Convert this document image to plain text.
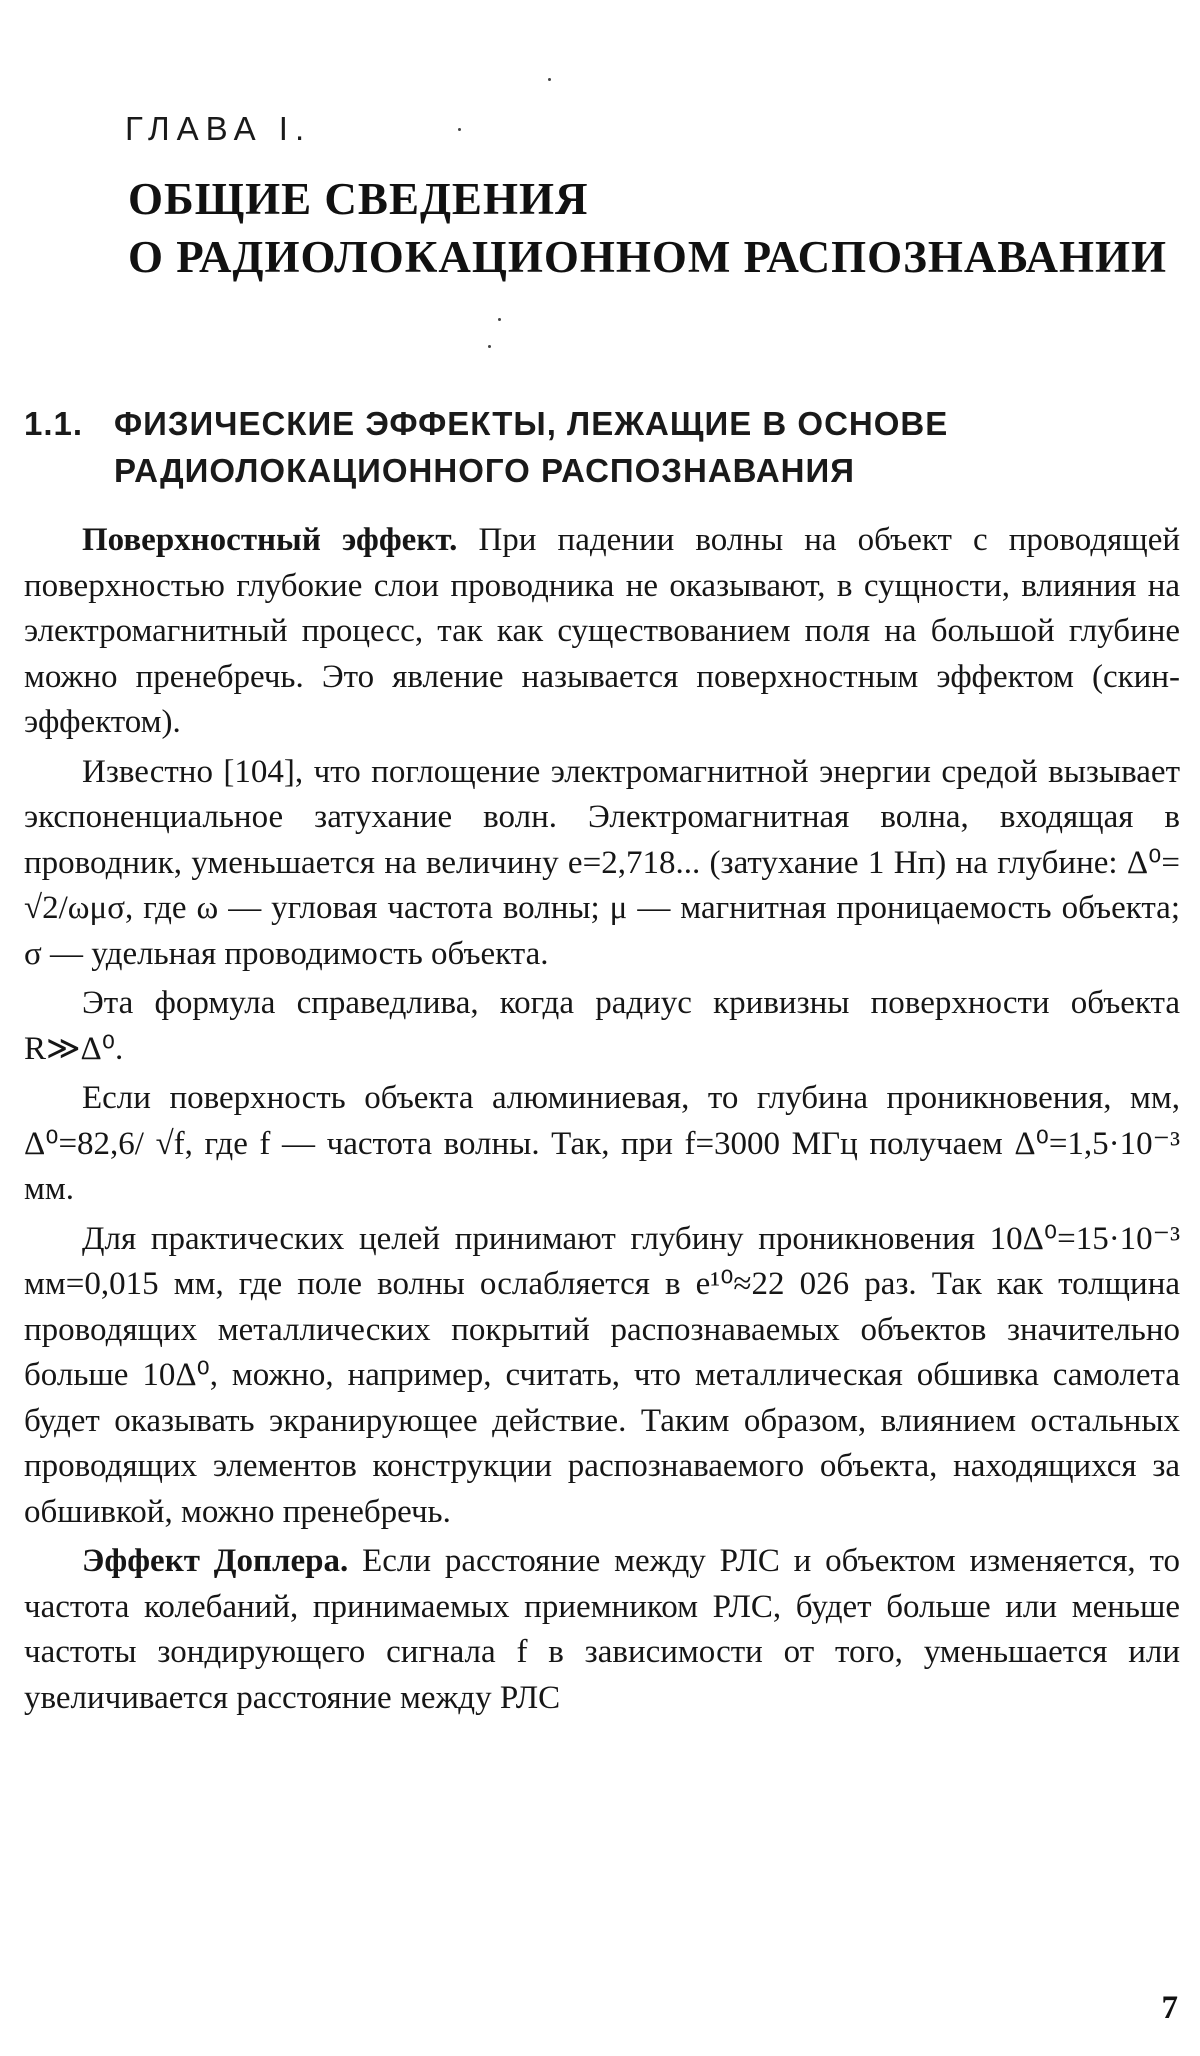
ГЛАВА I.
ОБЩИЕ СВЕДЕНИЯ
О РАДИОЛОКАЦИОННОМ РАСПОЗНАВАНИИ
1.1. ФИЗИЧЕСКИЕ ЭФФЕКТЫ, ЛЕЖАЩИЕ В ОСНОВЕ
РАДИОЛОКАЦИОННОГО РАСПОЗНАВАНИЯ

Поверхностный эффект. При падении волны на объект с проводящей поверхностью глубокие слои проводника не оказывают, в сущности, влияния на электромагнитный процесс, так как существованием поля на большой глубине можно пренебречь. Это явление называется поверхностным эффектом (скин-эффектом).

Известно [104], что поглощение электромагнитной энергии средой вызывает экспоненциальное затухание волн. Электромагнитная волна, входящая в проводник, уменьшается на величину e=2,718... (затухание 1 Нп) на глубине: Δ⁰= √2/ωμσ, где ω — угловая частота волны; μ — магнитная проницаемость объекта; σ — удельная проводимость объекта.

Эта формула справедлива, когда радиус кривизны поверхности объекта R≫Δ⁰.

Если поверхность объекта алюминиевая, то глубина проникновения, мм, Δ⁰=82,6/ √f, где f — частота волны. Так, при f=3000 МГц получаем Δ⁰=1,5·10⁻³ мм.

Для практических целей принимают глубину проникновения 10Δ⁰=15·10⁻³ мм=0,015 мм, где поле волны ослабляется в e¹⁰≈22 026 раз. Так как толщина проводящих металлических покрытий распознаваемых объектов значительно больше 10Δ⁰, можно, например, считать, что металлическая обшивка самолета будет оказывать экранирующее действие. Таким образом, влиянием остальных проводящих элементов конструкции распознаваемого объекта, находящихся за обшивкой, можно пренебречь.

Эффект Доплера. Если расстояние между РЛС и объектом изменяется, то частота колебаний, принимаемых приемником РЛС, будет больше или меньше частоты зондирующего сигнала f в зависимости от того, уменьшается или увеличивается расстояние между РЛС

7
